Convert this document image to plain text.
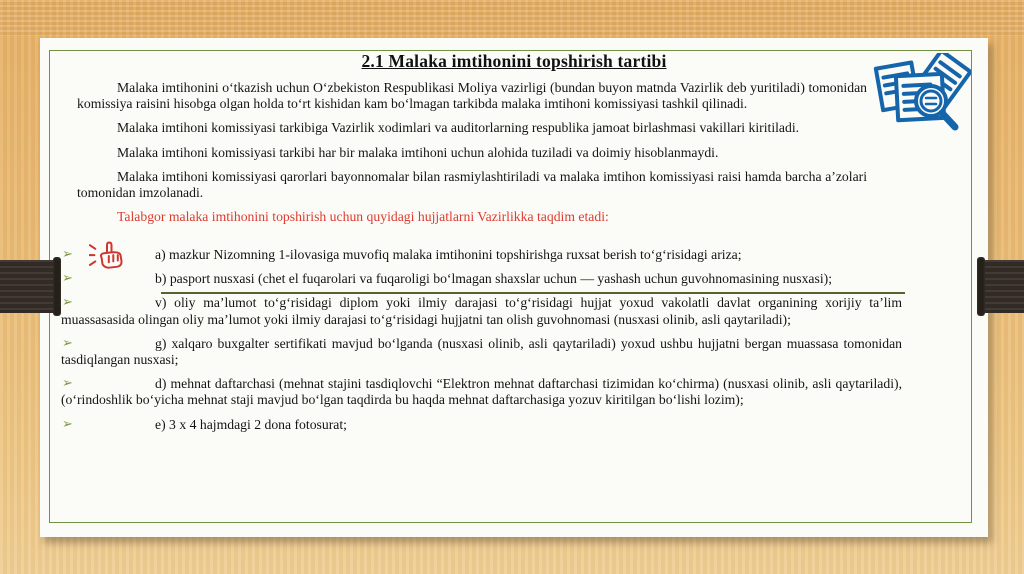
2.1 Malaka imtihonini topshirish tartibi

Malaka imtihonini o‘tkazish uchun O‘zbekiston Respublikasi Moliya vazirligi (bundan buyon matnda Vazirlik deb yuritiladi) tomonidan komissiya raisini hisobga olgan holda to‘rt kishidan kam bo‘lmagan tarkibda malaka imtihoni komissiyasi tashkil qilinadi.

Malaka imtihoni komissiyasi tarkibiga Vazirlik xodimlari va auditorlarning respublika jamoat birlashmasi vakillari kiritiladi.

Malaka imtihoni komissiyasi tarkibi har bir malaka imtihoni uchun alohida tuziladi va doimiy hisoblanmaydi.

Malaka imtihoni komissiyasi qarorlari bayonnomalar bilan rasmiylashtiriladi va malaka imtihon komissiyasi raisi hamda barcha a’zolari tomonidan imzolanadi.

Talabgor malaka imtihonini topshirish uchun quyidagi hujjatlarni Vazirlikka taqdim etadi:

➢	a) mazkur Nizomning 1-ilovasiga muvofiq malaka imtihonini topshirishga ruxsat berish to‘g‘risidagi ariza;
➢	b) pasport nusxasi (chet el fuqarolari va fuqaroligi bo‘lmagan shaxslar uchun — yashash uchun guvohnomasining nusxasi);
➢	v) oliy ma’lumot to‘g‘risidagi diplom yoki ilmiy darajasi to‘g‘risidagi hujjat yoxud vakolatli davlat organining xorijiy ta’lim muassasasida olingan oliy ma’lumot yoki ilmiy darajasi to‘g‘risidagi hujjatni tan olish guvohnomasi (nusxasi olinib, asli qaytariladi);
➢	g) xalqaro buxgalter sertifikati mavjud bo‘lganda (nusxasi olinib, asli qaytariladi) yoxud ushbu hujjatni bergan muassasa tomonidan tasdiqlangan nusxasi;
➢	d) mehnat daftarchasi (mehnat stajini tasdiqlovchi “Elektron mehnat daftarchasi tizimidan ko‘chirma) (nusxasi olinib, asli qaytariladi), (o‘rindoshlik bo‘yicha mehnat staji mavjud bo‘lgan taqdirda bu haqda mehnat daftarchasiga yozuv kiritilgan bo‘lishi lozim);
➢	e) 3 x 4 hajmdagi 2 dona fotosurat;
